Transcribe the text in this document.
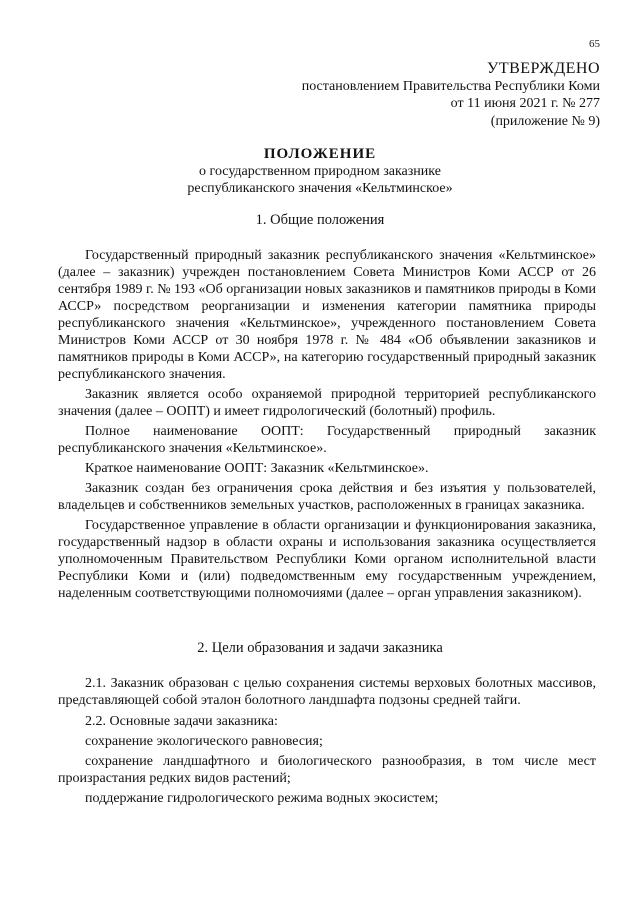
65
УТВЕРЖДЕНО
постановлением Правительства Республики Коми
от 11 июня 2021 г. № 277
(приложение № 9)
ПОЛОЖЕНИЕ
о государственном природном заказнике
республиканского значения «Кельтминское»
1. Общие положения

Государственный природный заказник республиканского значения «Кельтминское» (далее – заказник) учрежден постановлением Совета Министров Коми АССР от 26 сентября 1989 г. № 193 «Об организации новых заказников и памятников природы в Коми АССР» посредством реорганизации и изменения категории памятника природы республиканского значения «Кельтминское», учрежденного постановлением Совета Министров Коми АССР от 30 ноября 1978 г. № 484 «Об объявлении заказников и памятников природы в Коми АССР», на категорию государственный природный заказник республиканского значения.

Заказник является особо охраняемой природной территорией республиканского значения (далее – ООПТ) и имеет гидрологический (болотный) профиль.

Полное наименование ООПТ: Государственный природный заказник республиканского значения «Кельтминское».

Краткое наименование ООПТ: Заказник «Кельтминское».

Заказник создан без ограничения срока действия и без изъятия у пользователей, владельцев и собственников земельных участков, расположенных в границах заказника.

Государственное управление в области организации и функционирования заказника, государственный надзор в области охраны и использования заказника осуществляется уполномоченным Правительством Республики Коми органом исполнительной власти Республики Коми и (или) подведомственным ему государственным учреждением, наделенным соответствующими полномочиями (далее – орган управления заказником).

2. Цели образования и задачи заказника

2.1. Заказник образован с целью сохранения системы верховых болотных массивов, представляющей собой эталон болотного ландшафта подзоны средней тайги.

2.2. Основные задачи заказника:

сохранение экологического равновесия;

сохранение ландшафтного и биологического разнообразия, в том числе мест произрастания редких видов растений;

поддержание гидрологического режима водных экосистем;
